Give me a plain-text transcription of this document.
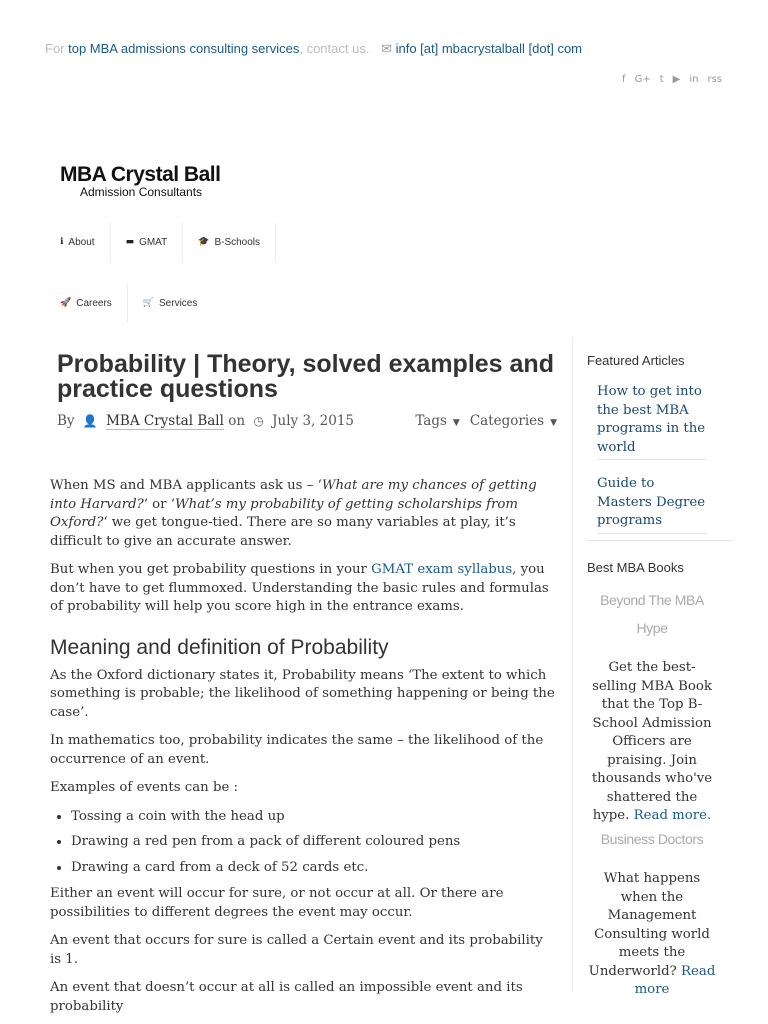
For top MBA admissions consulting services, contact us. ✉ info [at] mbacrystalball [dot] com
f G+ t ▶ in rss
MBA Crystal Ball
Admission Consultants
ℹ About	▬ GMAT	🎓 B-Schools
🚀 Careers	🛒 Services
Probability | Theory, solved examples and practice questions
By 👤 MBA Crystal Ball on ◷ July 3, 2015	Tags ▼ Categories ▼

When MS and MBA applicants ask us – ‘What are my chances of getting into Harvard?‘ or ‘What’s my probability of getting scholarships from Oxford?‘ we get tongue-tied. There are so many variables at play, it’s difficult to give an accurate answer.

But when you get probability questions in your GMAT exam syllabus, you don’t have to get flummoxed. Understanding the basic rules and formulas of probability will help you score high in the entrance exams.

Meaning and definition of Probability

As the Oxford dictionary states it, Probability means ‘The extent to which something is probable; the likelihood of something happening or being the case’.

In mathematics too, probability indicates the same – the likelihood of the occurrence of an event.

Examples of events can be :

• Tossing a coin with the head up
• Drawing a red pen from a pack of different coloured pens
• Drawing a card from a deck of 52 cards etc.

Either an event will occur for sure, or not occur at all. Or there are possibilities to different degrees the event may occur.

An event that occurs for sure is called a Certain event and its probability is 1.

An event that doesn’t occur at all is called an impossible event and its probability

Featured Articles
How to get into the best MBA programs in the world
Guide to Masters Degree programs
Best MBA Books
Beyond The MBA Hype
Get the best-selling MBA Book that the Top B-School Admission Officers are praising. Join thousands who've shattered the hype. Read more.
Business Doctors
What happens when the Management Consulting world meets the Underworld? Read more
